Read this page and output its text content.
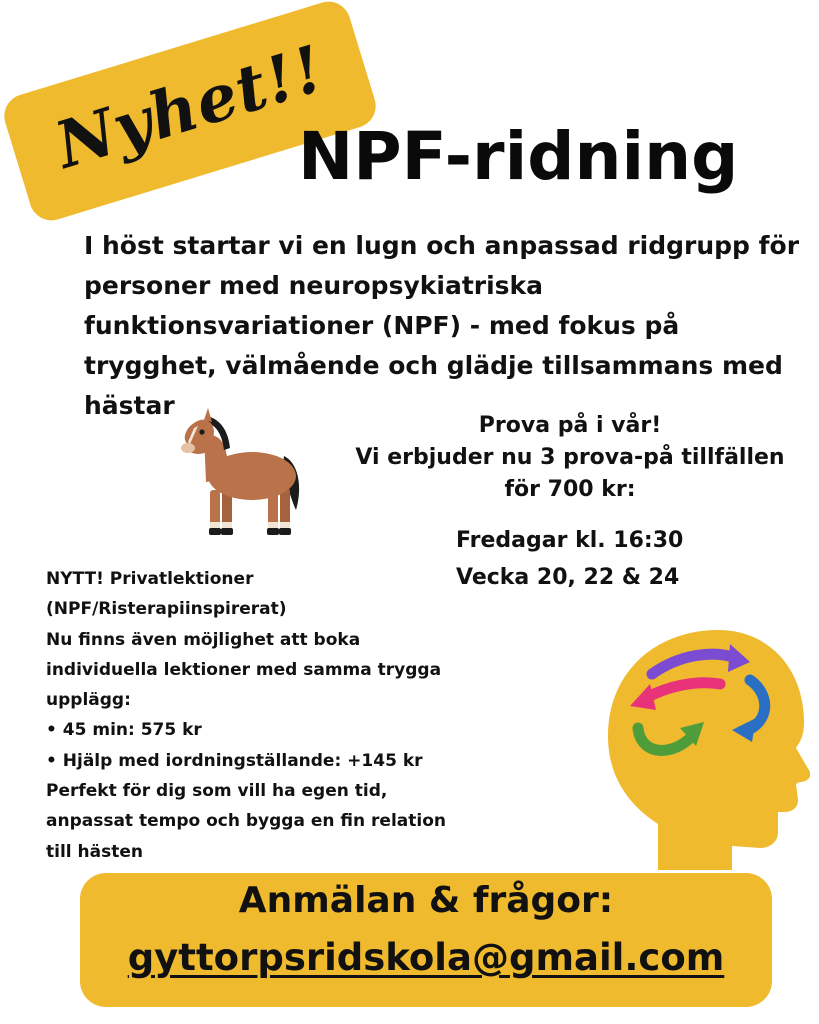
Nyhet!!
NPF-ridning
I höst startar vi en lugn och anpassad ridgrupp för personer med neuropsykiatriska funktionsvariationer (NPF) - med fokus på trygghet, välmående och glädje tillsammans med hästar
Prova på i vår!
Vi erbjuder nu 3 prova-på tillfällen
för 700 kr:
Fredagar kl. 16:30
Vecka 20, 22 & 24
NYTT! Privatlektioner
(NPF/Risterapiinspirerat)
Nu finns även möjlighet att boka
individuella lektioner med samma trygga
upplägg:
• 45 min: 575 kr
• Hjälp med iordningställande: +145 kr
Perfekt för dig som vill ha egen tid,
anpassat tempo och bygga en fin relation
till hästen
Anmälan & frågor:
gyttorpsridskola@gmail.com
